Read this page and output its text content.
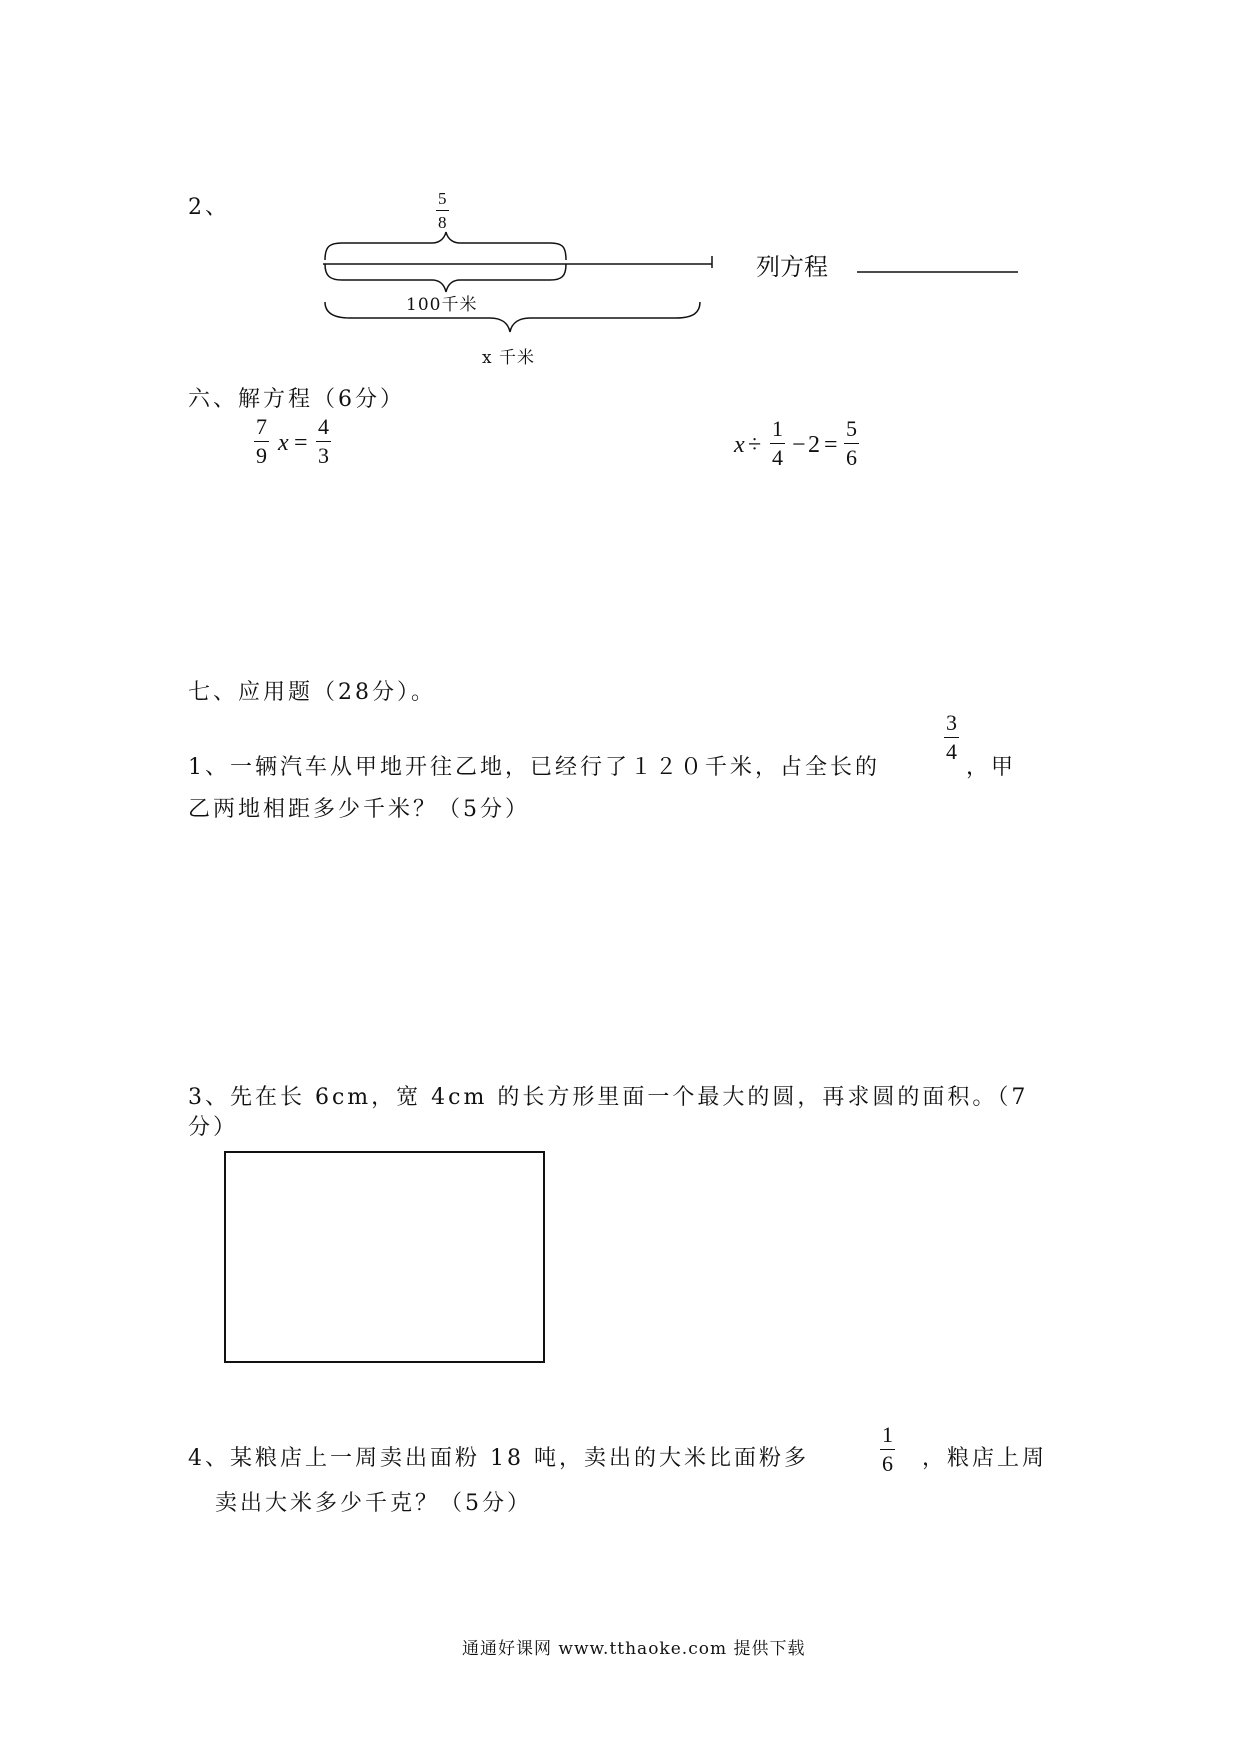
2、	$\frac{5}{8}$
100千米
x 千米
列方程
六、解方程（6分）
$\frac{7}{9}$ $x = \frac{4}{3}$	$x \div \frac{1}{4} - 2 = \frac{5}{6}$
七、应用题（28分）。
1、一辆汽车从甲地开往乙地，已经行了１２０千米，占全长的
$\frac{3}{4}$
，甲
乙两地相距多少千米？（5分）
3、先在长 6cm，宽 4cm 的长方形里面一个最大的圆，再求圆的面积。（7
分）
4、某粮店上一周卖出面粉 18 吨，卖出的大米比面粉多	$\frac{1}{6}$ ，粮店上周
卖出大米多少千克？（5分）
通通好课网 www.tthaoke.com 提供下载
